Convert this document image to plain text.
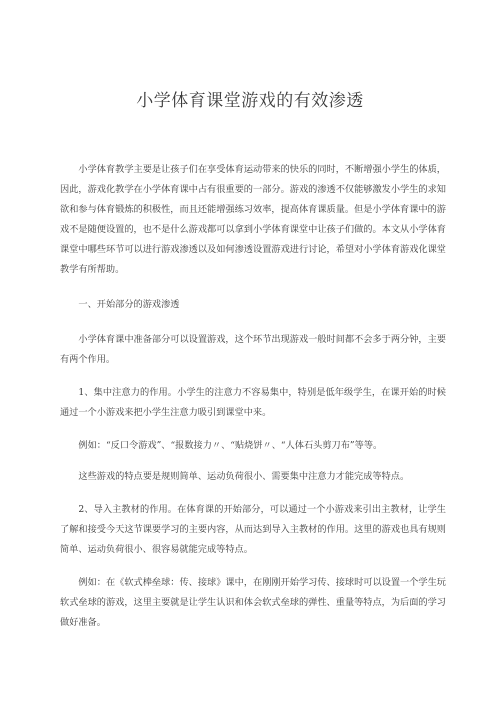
小学体育课堂游戏的有效渗透

小学体育教学主要是让孩子们在享受体育运动带来的快乐的同时，不断增强小学生的体质，因此，游戏化教学在小学体育课中占有很重要的一部分。游戏的渗透不仅能够激发小学生的求知欲和参与体育锻炼的积极性，而且还能增强练习效率，提高体育课质量。但是小学体育课中的游戏不是随便设置的，也不是什么游戏都可以拿到小学体育课堂中让孩子们做的。本文从小学体育课堂中哪些环节可以进行游戏渗透以及如何渗透设置游戏进行讨论，希望对小学体育游戏化课堂教学有所帮助。

一、开始部分的游戏渗透

小学体育课中准备部分可以设置游戏，这个环节出现游戏一般时间都不会多于两分钟，主要有两个作用。

1、集中注意力的作用。小学生的注意力不容易集中，特别是低年级学生，在课开始的时候通过一个小游戏来把小学生注意力吸引到课堂中来。

例如：“反口令游戏”、“报数接力〃、“贴烧饼〃、“人体石头剪刀布”等等。

这些游戏的特点要是规则简单、运动负荷很小、需要集中注意力才能完成等特点。

2、导入主教材的作用。在体育课的开始部分，可以通过一个小游戏来引出主教材，让学生了解和接受今天这节课要学习的主要内容，从而达到导入主教材的作用。这里的游戏也具有规则简单、运动负荷很小、很容易就能完成等特点。

例如：在《软式棒垒球：传、接球》课中，在刚刚开始学习传、接球时可以设置一个学生玩软式垒球的游戏，这里主要就是让学生认识和体会软式垒球的弹性、重量等特点，为后面的学习做好准备。
